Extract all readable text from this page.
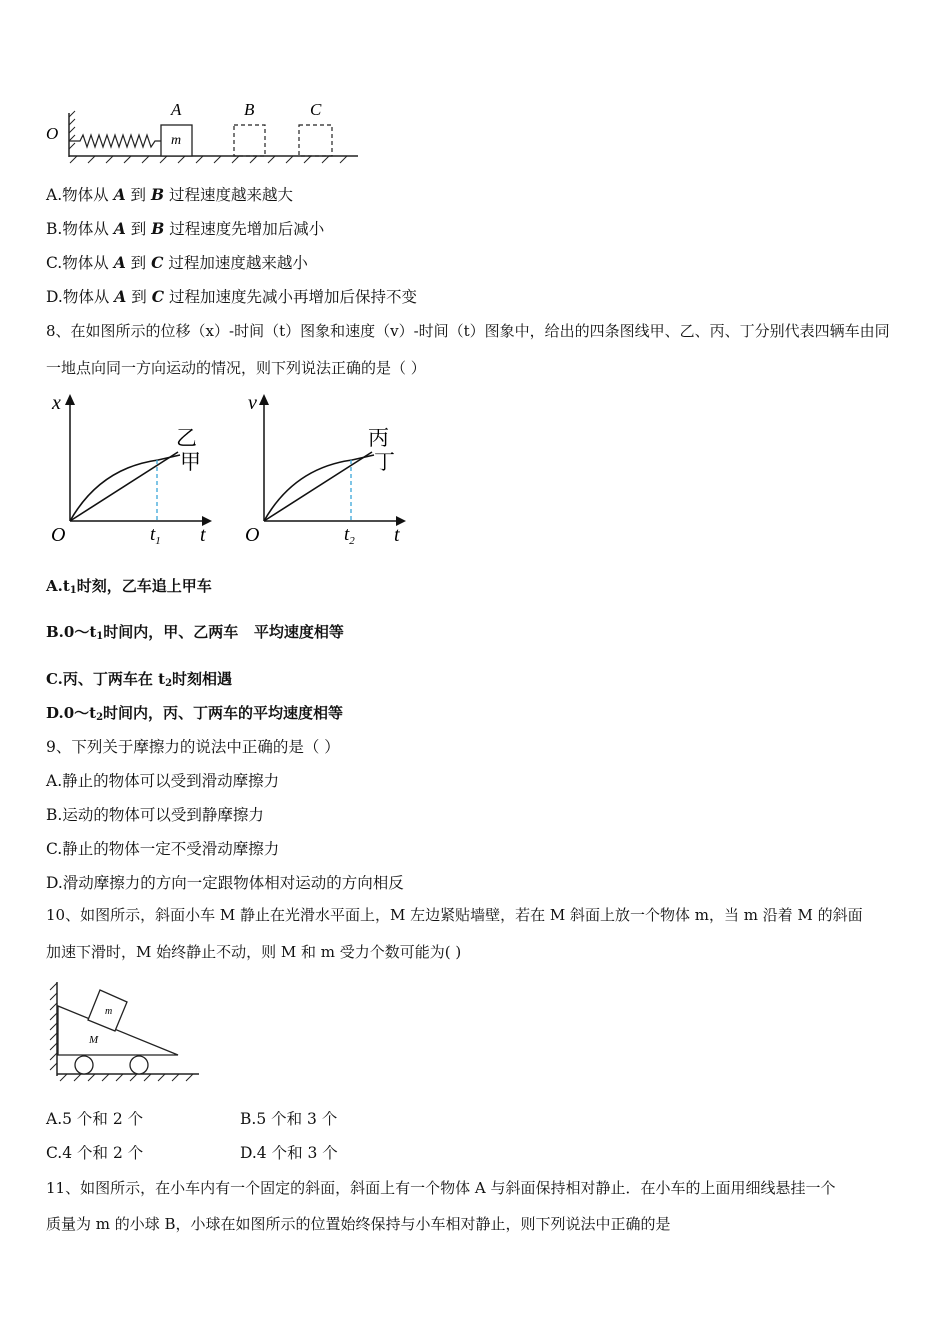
O	m
A	B	C
A.物体从 A 到 B 过程速度越来越大
B.物体从 A 到 B 过程速度先增加后减小
C.物体从 A 到 C 过程加速度越来越小
D.物体从 A 到 C 过程加速度先减小再增加后保持不变
8、在如图所示的位移（x）-时间（t）图象和速度（v）-时间（t）图象中，给出的四条图线甲、乙、丙、丁分别代表四辆车由同
一地点向同一方向运动的情况，则下列说法正确的是（ ）
x
t
O
乙
甲
$t_1$
v
t
O
丙
丁
$t_2$
$A.t_1$时刻，乙车追上甲车
$B.0\sim t_1$时间内，甲、乙两车   平均速度相等
C.丙、丁两车在 $t_2$时刻相遇
$D.0\sim t_2$时间内，丙、丁两车的平均速度相等
9、下列关于摩擦力的说法中正确的是（ ）
A.静止的物体可以受到滑动摩擦力
B.运动的物体可以受到静摩擦力
C.静止的物体一定不受滑动摩擦力
D.滑动摩擦力的方向一定跟物体相对运动的方向相反
10、如图所示，斜面小车 M 静止在光滑水平面上，M 左边紧贴墙壁，若在 M 斜面上放一个物体 m，当 m 沿着 M 的斜面
加速下滑时，M 始终静止不动，则 M 和 m 受力个数可能为( )
M
m
A.5 个和 2 个	B.5 个和 3 个
C.4 个和 2 个	D.4 个和 3 个
11、如图所示，在小车内有一个固定的斜面，斜面上有一个物体 A 与斜面保持相对静止．在小车的上面用细线悬挂一个
质量为 m 的小球 B，小球在如图所示的位置始终保持与小车相对静止，则下列说法中正确的是
